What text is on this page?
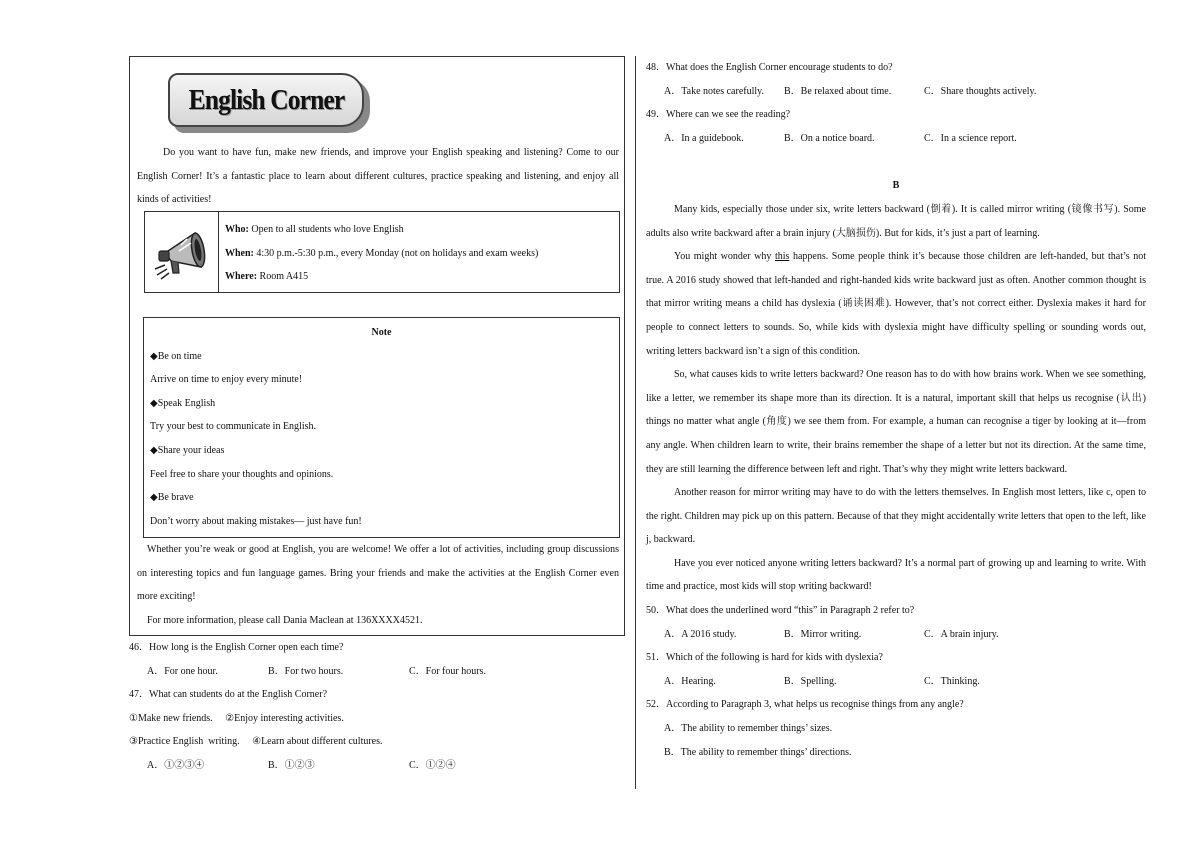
English Corner
Do you want to have fun, make new friends, and improve your English speaking and listening? Come to our English Corner! It’s a fantastic place to learn about different cultures, practice speaking and listening, and enjoy all kinds of activities!
Who: Open to all students who love English
When: 4:30 p.m.-5:30 p.m., every Monday (not on holidays and exam weeks)
Where: Room A415
Note
◆Be on time
Arrive on time to enjoy every minute!
◆Speak English
Try your best to communicate in English.
◆Share your ideas
Feel free to share your thoughts and opinions.
◆Be brave
Don’t worry about making mistakes— just have fun!
Whether you’re weak or good at English, you are welcome! We offer a lot of activities, including group discussions on interesting topics and fun language games. Bring your friends and make the activities at the English Corner even more exciting!
For more information, please call Dania Maclean at 136XXXX4521.
46．How long is the English Corner open each time?
A．For one hour.	B．For two hours.	C．For four hours.
47．What can students do at the English Corner?
①Make new friends.     ②Enjoy interesting activities.
③Practice English  writing.     ④Learn about different cultures.
A．①②③④	B．①②③	C．①②④
48．What does the English Corner encourage students to do?
A．Take notes carefully.	B．Be relaxed about time.	C．Share thoughts actively.
49．Where can we see the reading?
A．In a guidebook.	B．On a notice board.	C．In a science report.
B
Many kids, especially those under six, write letters backward (倒着). It is called mirror writing (镜像书写). Some adults also write backward after a brain injury (大脑损伤). But for kids, it’s just a part of learning.
You might wonder why this happens. Some people think it’s because those children are left-handed, but that’s not true. A 2016 study showed that left-handed and right-handed kids write backward just as often. Another common thought is that mirror writing means a child has dyslexia (诵读困难). However, that’s not correct either. Dyslexia makes it hard for people to connect letters to sounds. So, while kids with dyslexia might have difficulty spelling or sounding words out, writing letters backward isn’t a sign of this condition.
So, what causes kids to write letters backward? One reason has to do with how brains work. When we see something, like a letter, we remember its shape more than its direction. It is a natural, important skill that helps us recognise (认出) things no matter what angle (角度) we see them from. For example, a human can recognise a tiger by looking at it—from any angle. When children learn to write, their brains remember the shape of a letter but not its direction. At the same time, they are still learning the difference between left and right. That’s why they might write letters backward.
Another reason for mirror writing may have to do with the letters themselves. In English most letters, like c, open to the right. Children may pick up on this pattern. Because of that they might accidentally write letters that open to the left, like j, backward.
Have you ever noticed anyone writing letters backward? It’s a normal part of growing up and learning to write. With time and practice, most kids will stop writing backward!
50．What does the underlined word “this” in Paragraph 2 refer to?
A．A 2016 study.	B．Mirror writing.	C．A brain injury.
51．Which of the following is hard for kids with dyslexia?
A．Hearing.	B．Spelling.	C．Thinking.
52．According to Paragraph 3, what helps us recognise things from any angle?
A．The ability to remember things’ sizes.
B．The ability to remember things’ directions.
